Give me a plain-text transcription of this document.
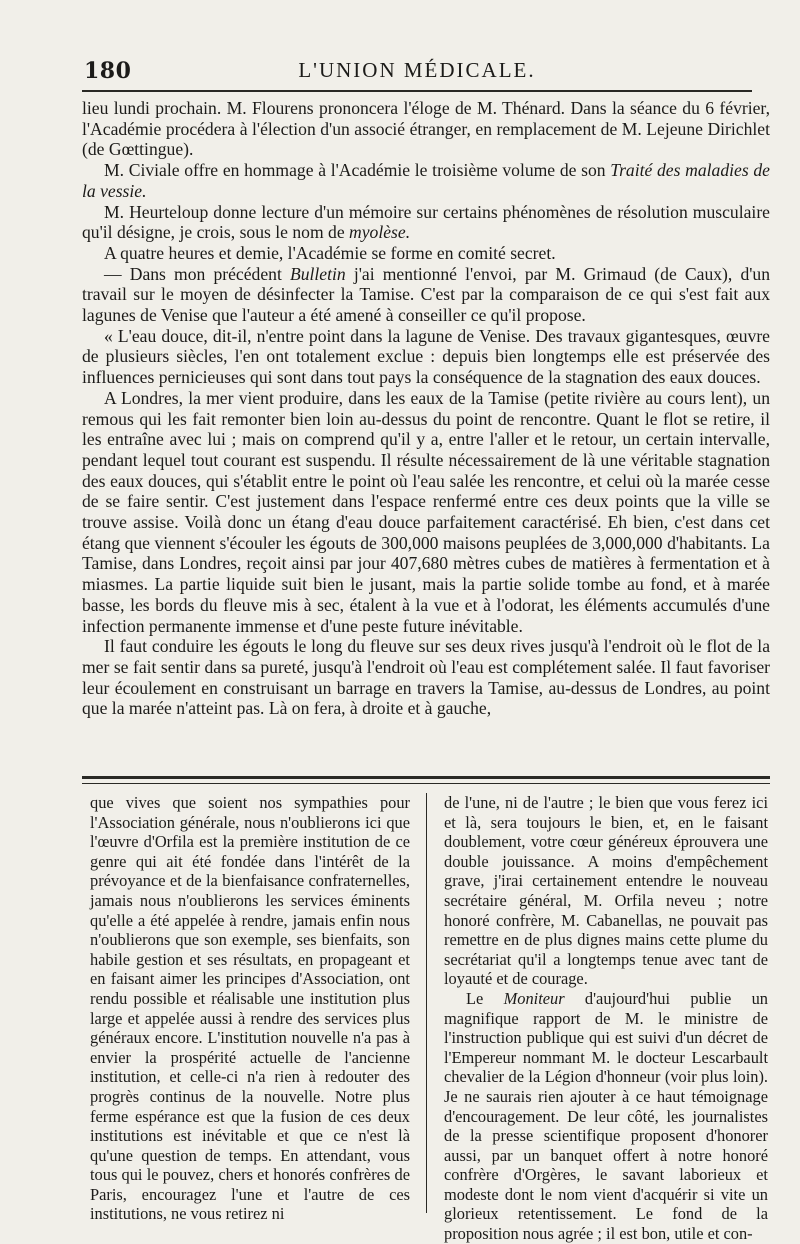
180	L'UNION MÉDICALE.

lieu lundi prochain. M. Flourens prononcera l'éloge de M. Thénard. Dans la séance du 6 février, l'Académie procédera à l'élection d'un associé étranger, en remplacement de M. Lejeune Dirichlet (de Gœttingue).

M. Civiale offre en hommage à l'Académie le troisième volume de son Traité des maladies de la vessie.

M. Heurteloup donne lecture d'un mémoire sur certains phénomènes de résolution musculaire qu'il désigne, je crois, sous le nom de myolèse.

A quatre heures et demie, l'Académie se forme en comité secret.

— Dans mon précédent Bulletin j'ai mentionné l'envoi, par M. Grimaud (de Caux), d'un travail sur le moyen de désinfecter la Tamise. C'est par la comparaison de ce qui s'est fait aux lagunes de Venise que l'auteur a été amené à conseiller ce qu'il propose.

« L'eau douce, dit-il, n'entre point dans la lagune de Venise. Des travaux gigantesques, œuvre de plusieurs siècles, l'en ont totalement exclue : depuis bien longtemps elle est préservée des influences pernicieuses qui sont dans tout pays la conséquence de la stagnation des eaux douces.

A Londres, la mer vient produire, dans les eaux de la Tamise (petite rivière au cours lent), un remous qui les fait remonter bien loin au-dessus du point de rencontre. Quant le flot se retire, il les entraîne avec lui ; mais on comprend qu'il y a, entre l'aller et le retour, un certain intervalle, pendant lequel tout courant est suspendu. Il résulte nécessairement de là une véritable stagnation des eaux douces, qui s'établit entre le point où l'eau salée les rencontre, et celui où la marée cesse de se faire sentir. C'est justement dans l'espace renfermé entre ces deux points que la ville se trouve assise. Voilà donc un étang d'eau douce parfaitement caractérisé. Eh bien, c'est dans cet étang que viennent s'écouler les égouts de 300,000 maisons peuplées de 3,000,000 d'habitants. La Tamise, dans Londres, reçoit ainsi par jour 407,680 mètres cubes de matières à fermentation et à miasmes. La partie liquide suit bien le jusant, mais la partie solide tombe au fond, et à marée basse, les bords du fleuve mis à sec, étalent à la vue et à l'odorat, les éléments accumulés d'une infection permanente immense et d'une peste future inévitable.

Il faut conduire les égouts le long du fleuve sur ses deux rives jusqu'à l'endroit où le flot de la mer se fait sentir dans sa pureté, jusqu'à l'endroit où l'eau est complétement salée. Il faut favoriser leur écoulement en construisant un barrage en travers la Tamise, au-dessus de Londres, au point que la marée n'atteint pas. Là on fera, à droite et à gauche,

que vives que soient nos sympathies pour l'Association générale, nous n'oublierons ici que l'œuvre d'Orfila est la première institution de ce genre qui ait été fondée dans l'intérêt de la prévoyance et de la bienfaisance confraternelles, jamais nous n'oublierons les services éminents qu'elle a été appelée à rendre, jamais enfin nous n'oublierons que son exemple, ses bienfaits, son habile gestion et ses résultats, en propageant et en faisant aimer les principes d'Association, ont rendu possible et réalisable une institution plus large et appelée aussi à rendre des services plus généraux encore. L'institution nouvelle n'a pas à envier la prospérité actuelle de l'ancienne institution, et celle-ci n'a rien à redouter des progrès continus de la nouvelle. Notre plus ferme espérance est que la fusion de ces deux institutions est inévitable et que ce n'est là qu'une question de temps. En attendant, vous tous qui le pouvez, chers et honorés confrères de Paris, encouragez l'une et l'autre de ces institutions, ne vous retirez ni

de l'une, ni de l'autre ; le bien que vous ferez ici et là, sera toujours le bien, et, en le faisant doublement, votre cœur généreux éprouvera une double jouissance. A moins d'empêchement grave, j'irai certainement entendre le nouveau secrétaire général, M. Orfila neveu ; notre honoré confrère, M. Cabanellas, ne pouvait pas remettre en de plus dignes mains cette plume du secrétariat qu'il a longtemps tenue avec tant de loyauté et de courage.

Le Moniteur d'aujourd'hui publie un magnifique rapport de M. le ministre de l'instruction publique qui est suivi d'un décret de l'Empereur nommant M. le docteur Lescarbault chevalier de la Légion d'honneur (voir plus loin). Je ne saurais rien ajouter à ce haut témoignage d'encouragement. De leur côté, les journalistes de la presse scientifique proposent d'honorer aussi, par un banquet offert à notre honoré confrère d'Orgères, le savant laborieux et modeste dont le nom vient d'acquérir si vite un glorieux retentissement. Le fond de la proposition nous agrée ; il est bon, utile et con-
